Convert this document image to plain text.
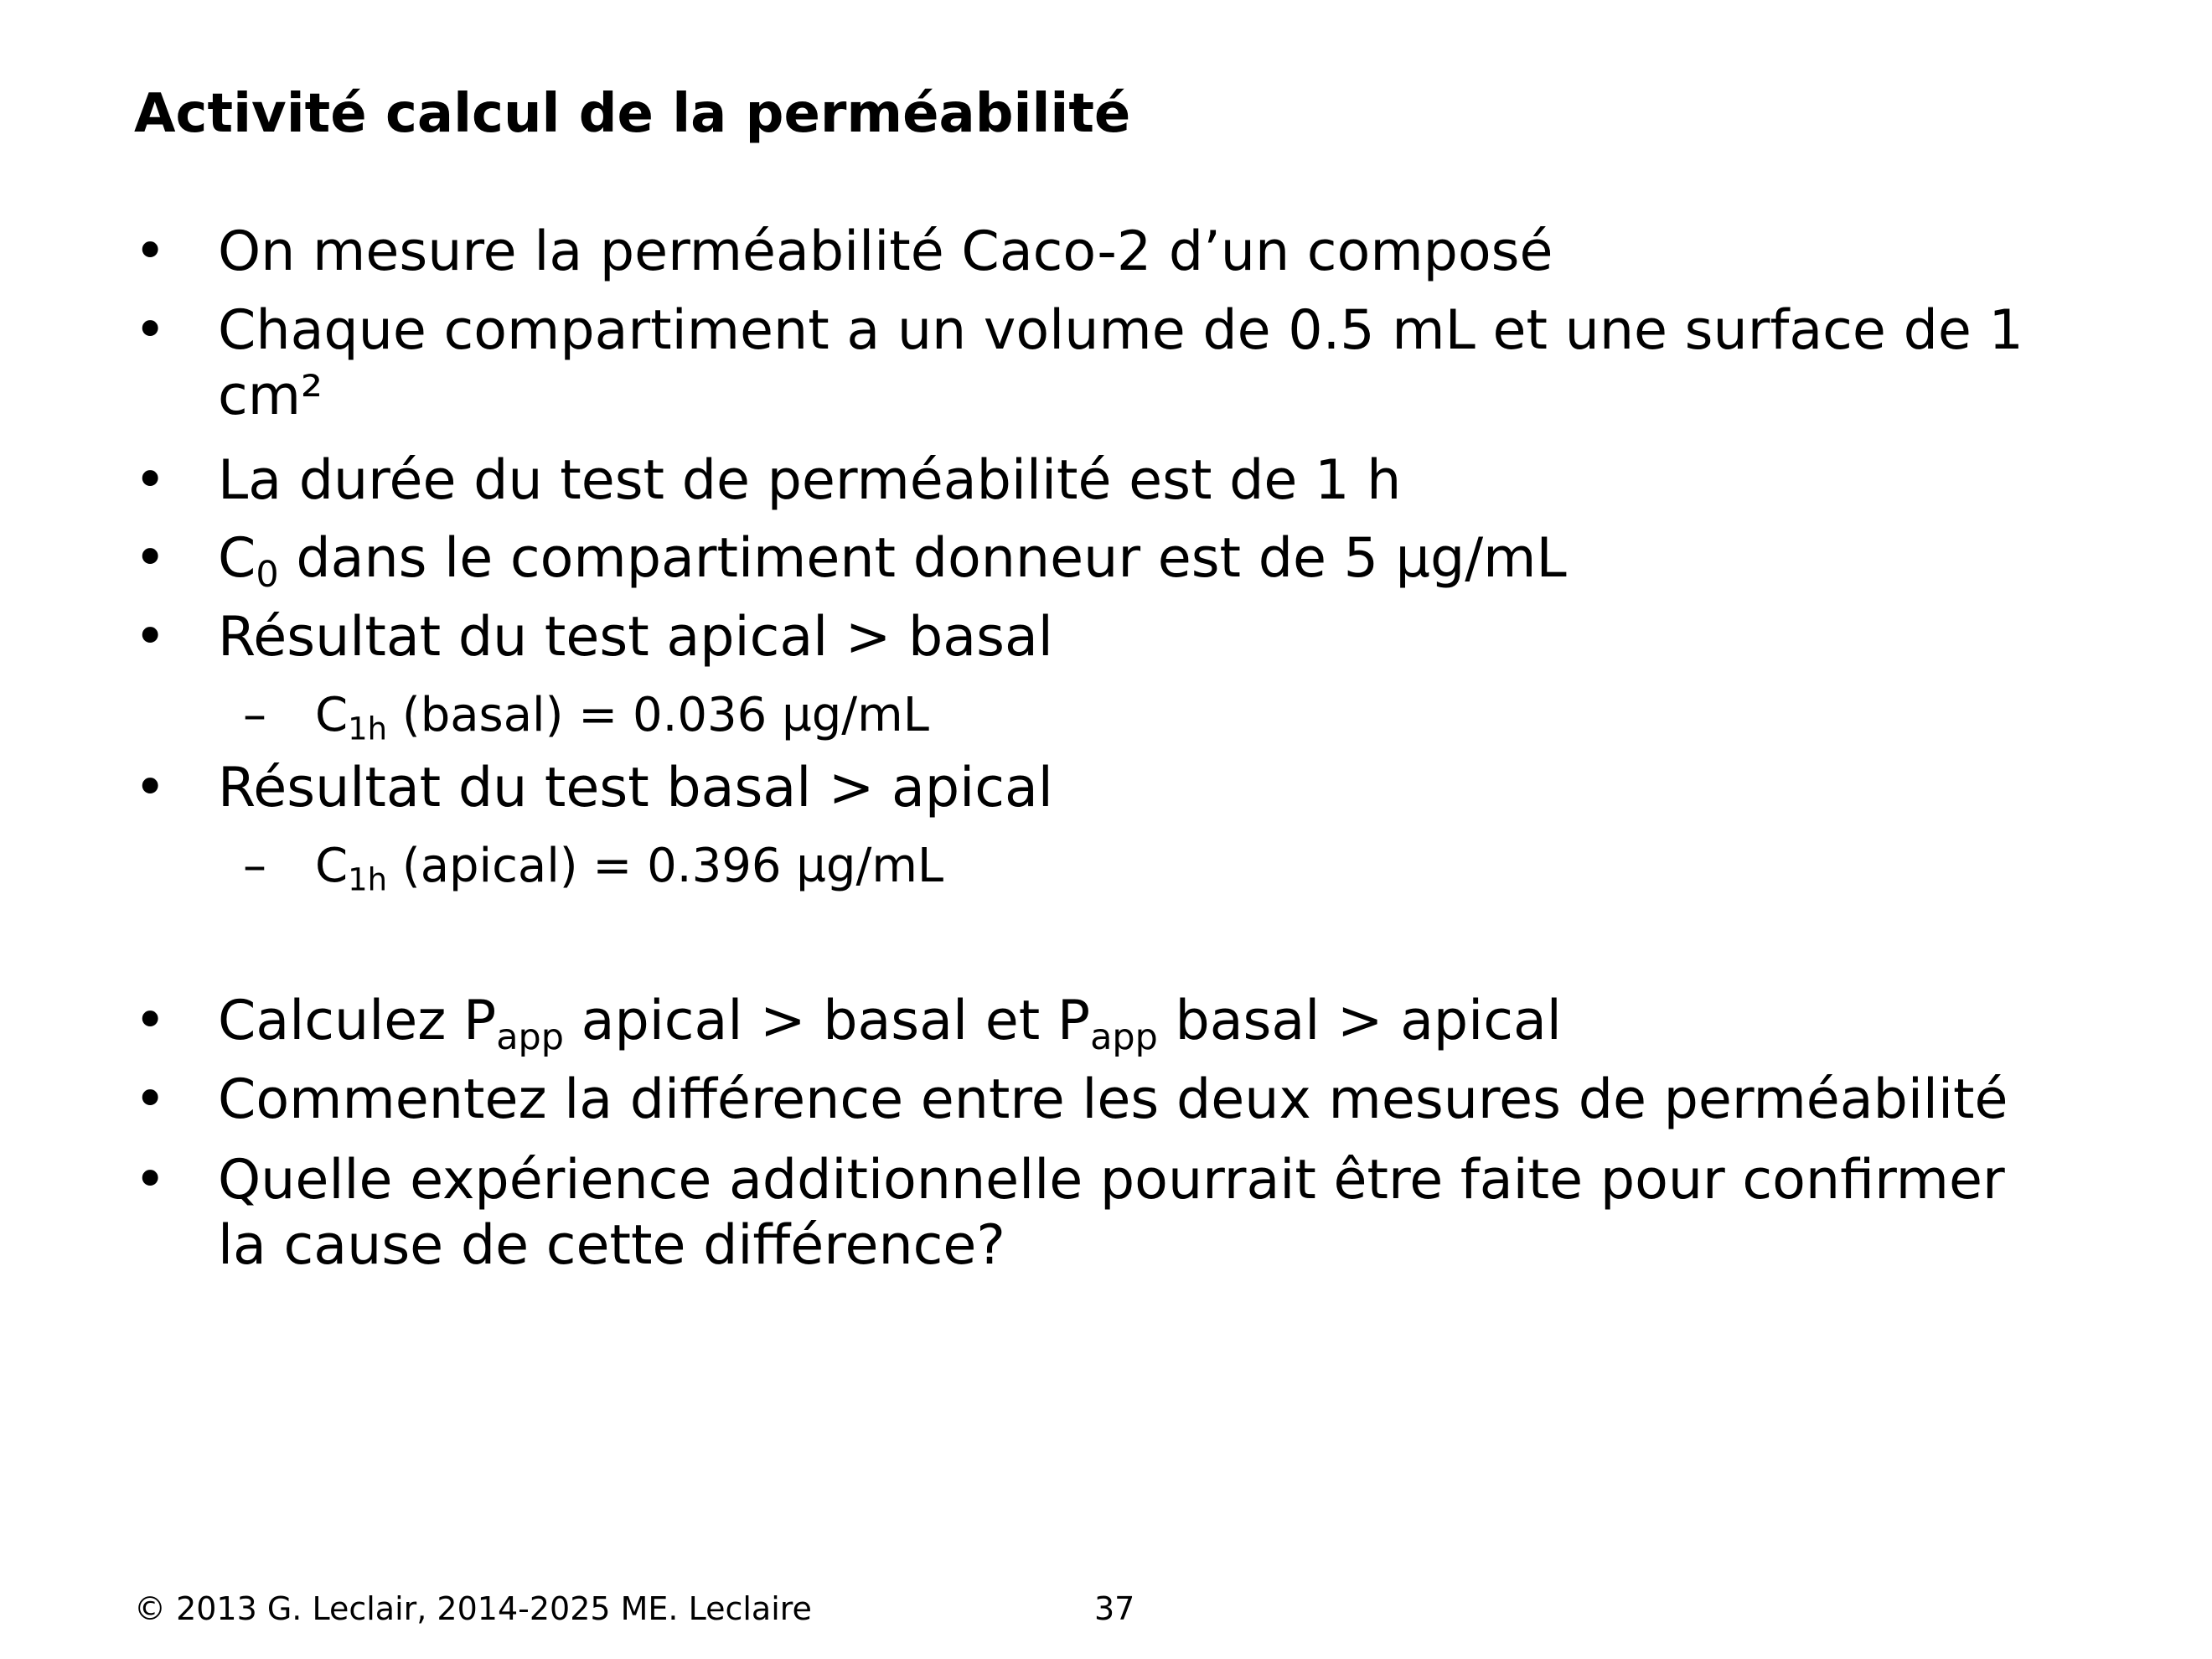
Activité calcul de la perméabilité

• On mesure la perméabilité Caco-2 d’un composé

• Chaque compartiment a un volume de 0.5 mL et une surface de 1
cm²

• La durée du test de perméabilité est de 1 h

• $C_0$ dans le compartiment donneur est de 5 µg/mL

• Résultat du test apical > basal

– $C_{1h}$ (basal) = 0.036 µg/mL

• Résultat du test basal > apical

– $C_{1h}$ (apical) = 0.396 µg/mL

• Calculez $P_{app}$ apical > basal et $P_{app}$ basal > apical

• Commentez la différence entre les deux mesures de perméabilité

• Quelle expérience additionnelle pourrait être faite pour confirmer
la cause de cette différence?

© 2013 G. Leclair, 2014-2025 ME. Leclaire	37
